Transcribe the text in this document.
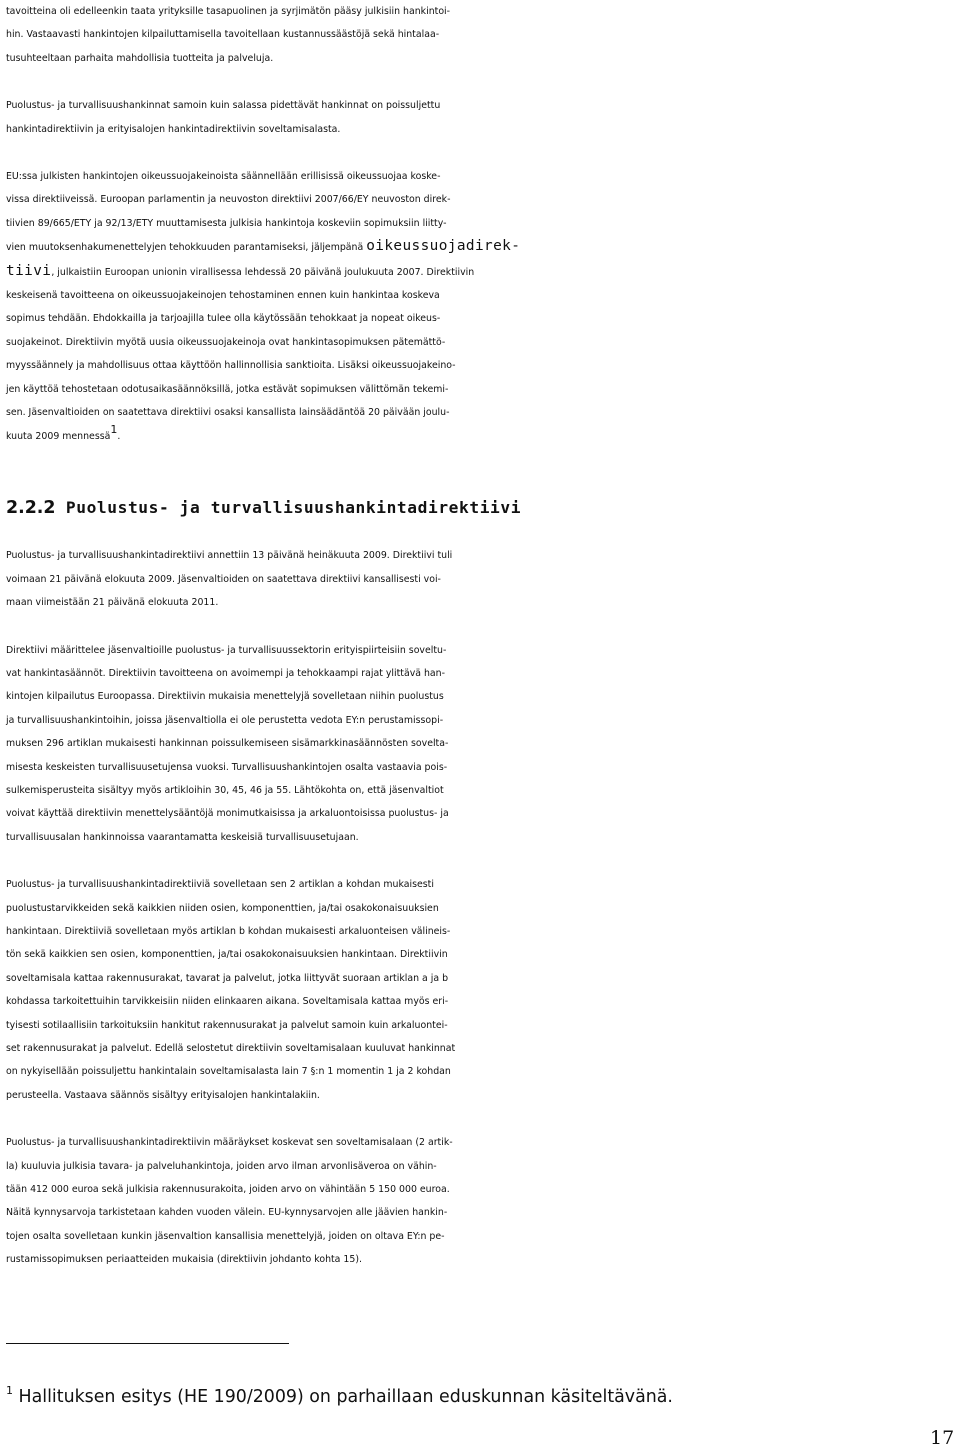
tavoitteina oli edelleenkin taata yrityksille tasapuolinen ja syrjimätön pääsy julkisiin hankintoi-

hin. Vastaavasti hankintojen kilpailuttamisella tavoitellaan kustannussäästöjä sekä hintalaa-

tusuhteeltaan parhaita mahdollisia tuotteita ja palveluja.

Puolustus- ja turvallisuushankinnat samoin kuin salassa pidettävät hankinnat on poissuljettu

hankintadirektiivin ja erityisalojen hankintadirektiivin soveltamisalasta.

EU:ssa julkisten hankintojen oikeussuojakeinoista säännellään erillisissä oikeussuojaa koske-

vissa direktiiveissä. Euroopan parlamentin ja neuvoston direktiivi 2007/66/EY neuvoston direk-

tiivien 89/665/ETY ja 92/13/ETY muuttamisesta julkisia hankintoja koskeviin sopimuksiin liitty-

vien muutoksenhakumenettelyjen tehokkuuden parantamiseksi, jäljempänä oikeussuojadirek-

tiivi, julkaistiin Euroopan unionin virallisessa lehdessä 20 päivänä joulukuuta 2007. Direktiivin

keskeisenä tavoitteena on oikeussuojakeinojen tehostaminen ennen kuin hankintaa koskeva

sopimus tehdään. Ehdokkailla ja tarjoajilla tulee olla käytössään tehokkaat ja nopeat oikeus-

suojakeinot. Direktiivin myötä uusia oikeussuojakeinoja ovat hankintasopimuksen pätemättö-

myyssäännely ja mahdollisuus ottaa käyttöön hallinnollisia sanktioita. Lisäksi oikeussuojakeino-

jen käyttöä tehostetaan odotusaikasäännöksillä, jotka estävät sopimuksen välittömän tekemi-

sen. Jäsenvaltioiden on saatettava direktiivi osaksi kansallista lainsäädäntöä 20 päivään joulu-

kuuta 2009 mennessä$^1$.

2.2.2 Puolustus- ja turvallisuushankintadirektiivi

Puolustus- ja turvallisuushankintadirektiivi annettiin 13 päivänä heinäkuuta 2009. Direktiivi tuli

voimaan 21 päivänä elokuuta 2009. Jäsenvaltioiden on saatettava direktiivi kansallisesti voi-

maan viimeistään 21 päivänä elokuuta 2011.

Direktiivi määrittelee jäsenvaltioille puolustus- ja turvallisuussektorin erityispiirteisiin soveltu-

vat hankintasäännöt. Direktiivin tavoitteena on avoimempi ja tehokkaampi rajat ylittävä han-

kintojen kilpailutus Euroopassa. Direktiivin mukaisia menettelyjä sovelletaan niihin puolustus

ja turvallisuushankintoihin, joissa jäsenvaltiolla ei ole perustetta vedota EY:n perustamissopi-

muksen 296 artiklan mukaisesti hankinnan poissulkemiseen sisämarkkinasäännösten soveltа-

misesta keskeisten turvallisuusetujensa vuoksi. Turvallisuushankintojen osalta vastaavia pois-

sulkemisperusteita sisältyy myös artikloihin 30, 45, 46 ja 55. Lähtökohta on, että jäsenvaltiot

voivat käyttää direktiivin menettelysääntöjä monimutkaisissa ja arkaluontoisissa puolustus- ja

turvallisuusalan hankinnoissa vaarantamatta keskeisiä turvallisuusetujaan.

Puolustus- ja turvallisuushankintadirektiiviä sovelletaan sen 2 artiklan a kohdan mukaisesti

puolustustarvikkeiden sekä kaikkien niiden osien, komponenttien, ja/tai osakokonaisuuksien

hankintaan. Direktiiviä sovelletaan myös artiklan b kohdan mukaisesti arkaluonteisen välineis-

tön sekä kaikkien sen osien, komponenttien, ja/tai osakokonaisuuksien hankintaan. Direktiivin

soveltamisala kattaa rakennusurakat, tavarat ja palvelut, jotka liittyvät suoraan artiklan a ja b

kohdassa tarkoitettuihin tarvikkeisiin niiden elinkaaren aikana. Soveltamisala kattaa myös eri-

tyisesti sotilaallisiin tarkoituksiin hankitut rakennusurakat ja palvelut samoin kuin arkaluontei-

set rakennusurakat ja palvelut. Edellä selostetut direktiivin soveltamisalaan kuuluvat hankinnat

on nykyisellään poissuljettu hankintalain soveltamisalasta lain 7 §:n 1 momentin 1 ja 2 kohdan

perusteella. Vastaava säännös sisältyy erityisalojen hankintalakiin.

Puolustus- ja turvallisuushankintadirektiivin määräykset koskevat sen soveltamisalaan (2 artik-

la) kuuluvia julkisia tavara- ja palveluhankintoja, joiden arvo ilman arvonlisäveroa on vähin-

tään 412 000 euroa sekä julkisia rakennusurakoita, joiden arvo on vähintään 5 150 000 euroa.

Näitä kynnysarvoja tarkistetaan kahden vuoden välein. EU-kynnysarvojen alle jäävien hankin-

tojen osalta sovelletaan kunkin jäsenvaltion kansallisia menettelyjä, joiden on oltava EY:n pe-

rustamissopimuksen periaatteiden mukaisia (direktiivin johdanto kohta 15).

$^1$ Hallituksen esitys (HE 190/2009) on parhaillaan eduskunnan käsiteltävänä.

17
